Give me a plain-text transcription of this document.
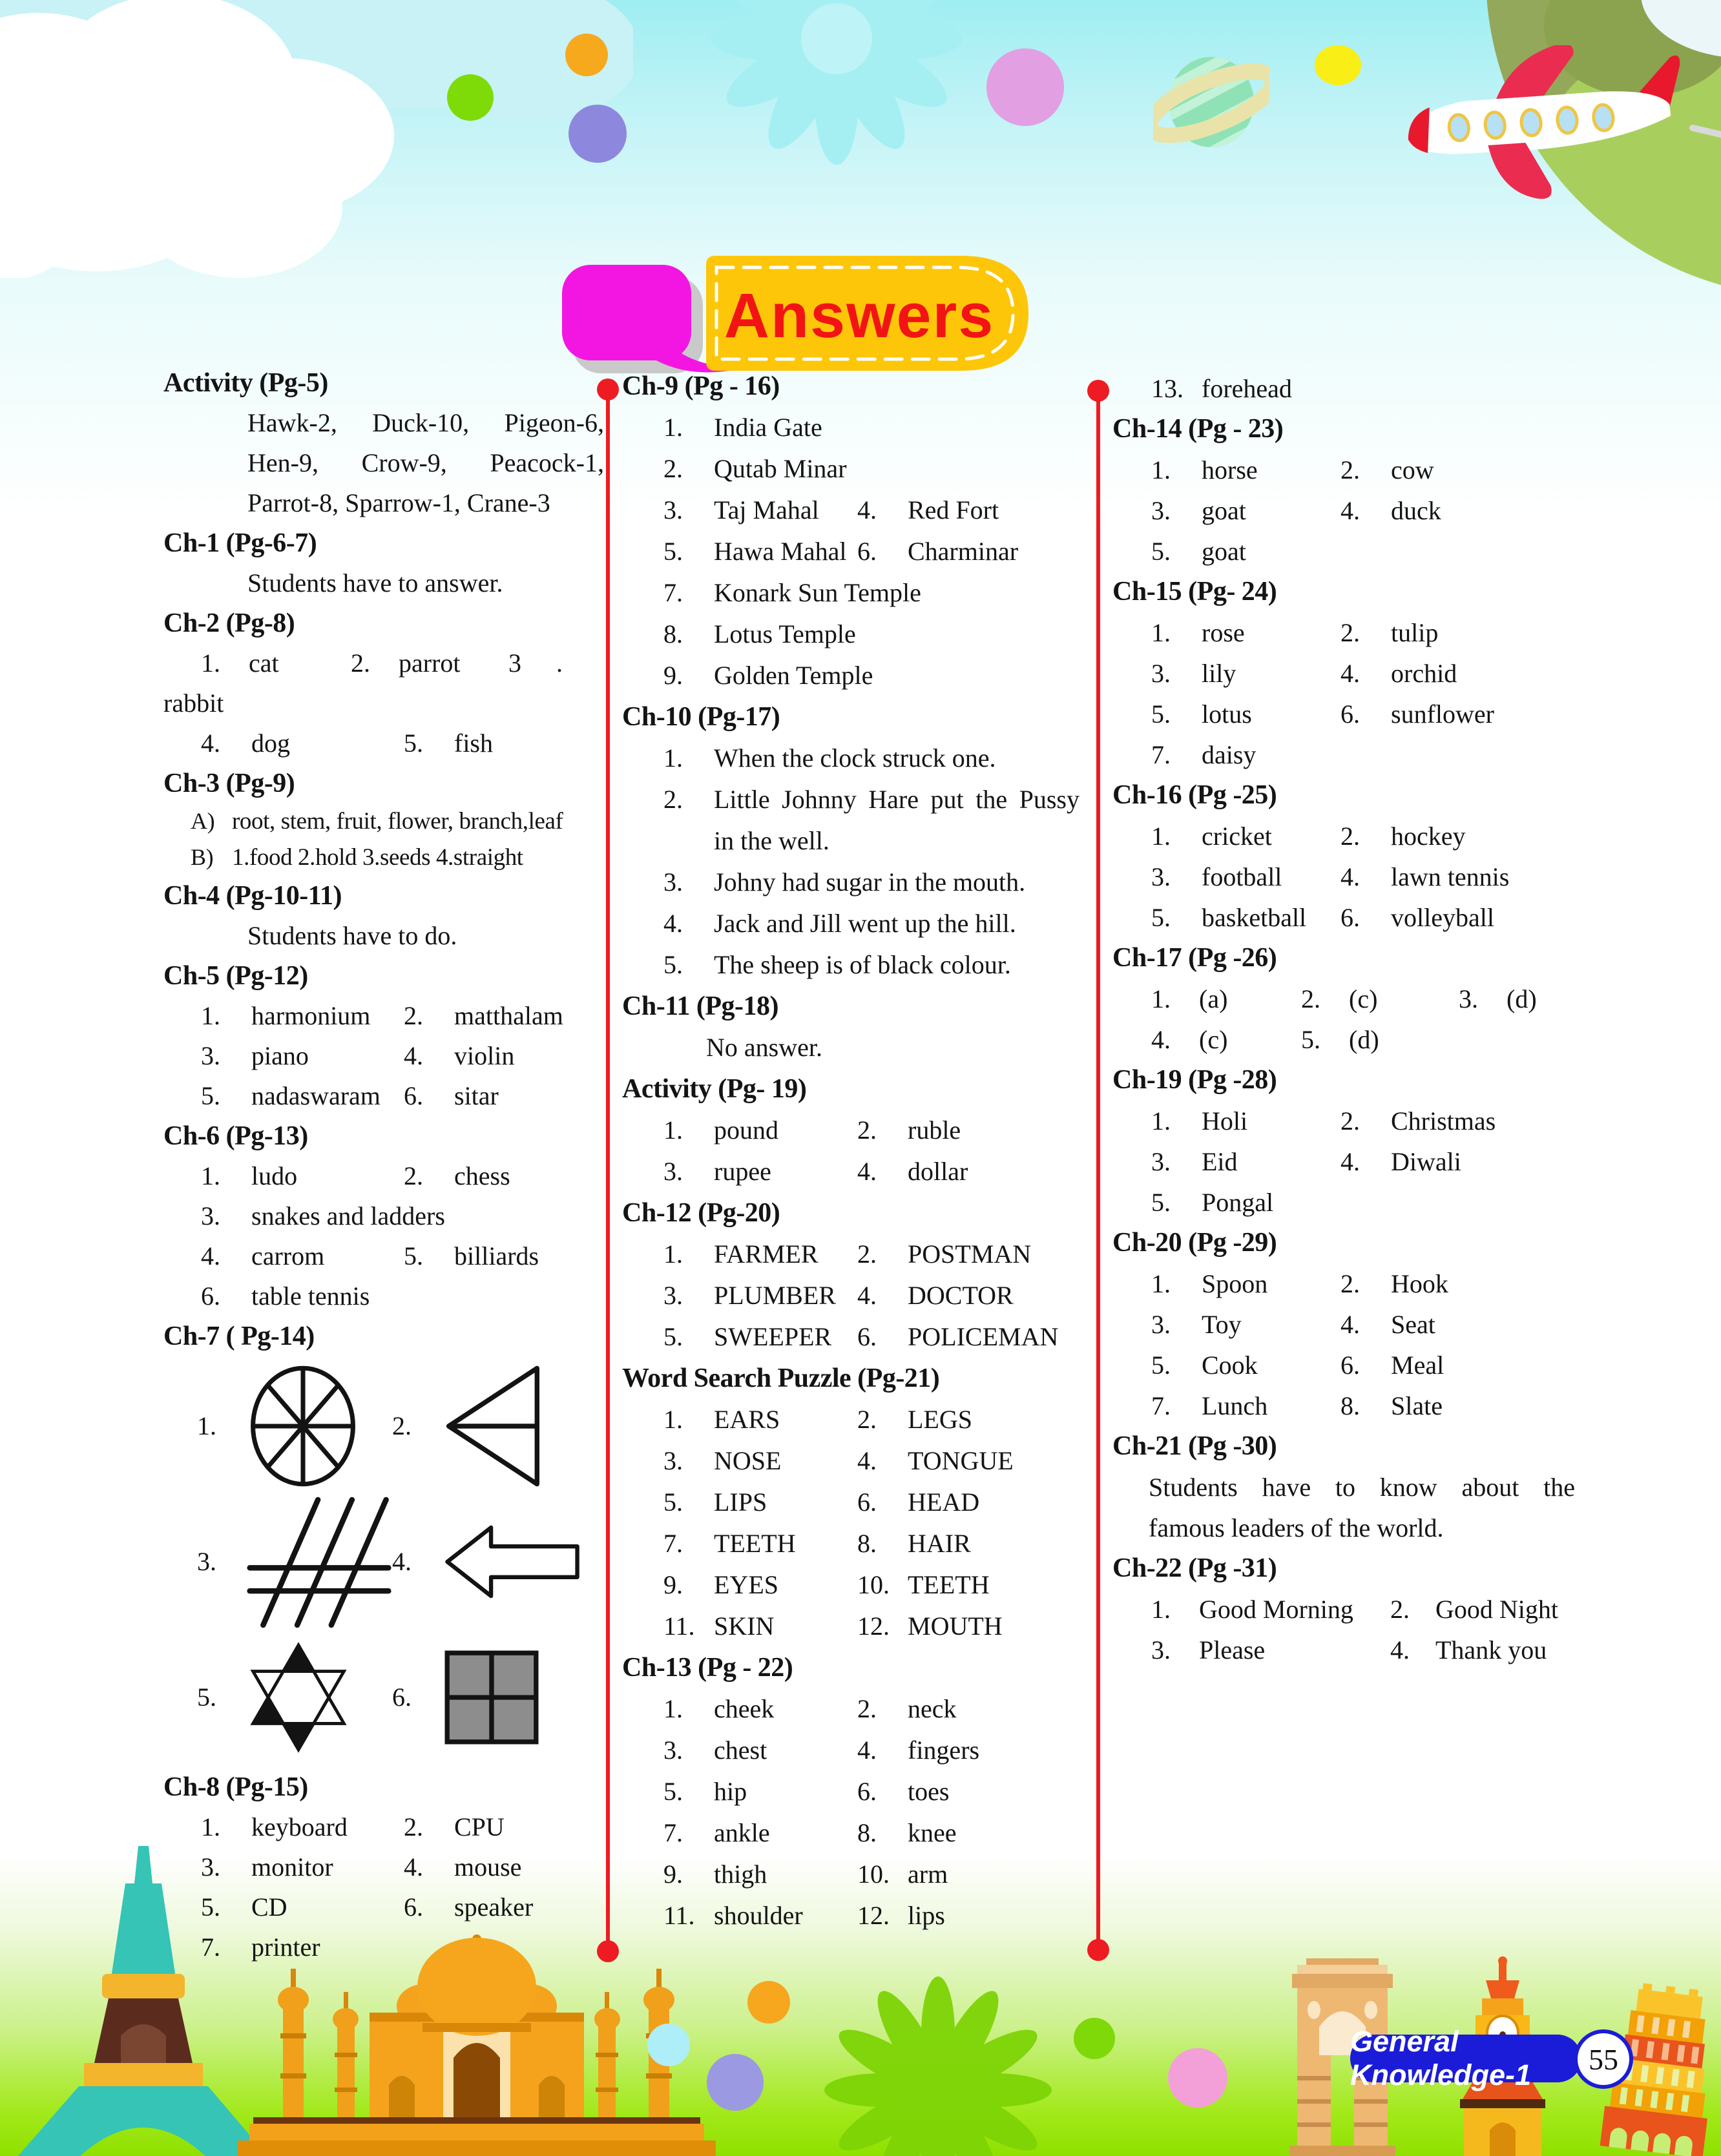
Answers
Activity (Pg-5)
Hawk-2, Duck-10, Pigeon-6,
Hen-9, Crow-9, Peacock-1,
Parrot-8, Sparrow-1, Crane-3
Ch-1 (Pg-6-7)
Students have to answer.
Ch-2 (Pg-8)
1.	cat	2.	parrot	3	.
rabbit
4.	dog	5.	fish
Ch-3 (Pg-9)
A) root, stem, fruit, flower, branch,leaf
B) 1.food 2.hold 3.seeds 4.straight
Ch-4 (Pg-10-11)
Students have to do.
Ch-5 (Pg-12)
1.	harmonium	2.	matthalam
3.	piano	4.	violin
5.	nadaswaram 6.	sitar
Ch-6 (Pg-13)
1.	ludo	2.	chess
3.	snakes and ladders
4.	carrom	5.	billiards
6.	table tennis
Ch-7 ( Pg-14)
1.	2.
3.	4.
5.	6.
Ch-8 (Pg-15)
1.	keyboard	2.	CPU
3.	monitor	4.	mouse
5.	CD	6.	speaker
7.	printer
Ch-9 (Pg - 16)
1.	India Gate
2.	Qutab Minar
3.	Taj Mahal	4.	Red Fort
5.	Hawa Mahal 6.	Charminar
7.	Konark Sun Temple
8.	Lotus Temple
9.	Golden Temple
Ch-10 (Pg-17)
1.	When the clock struck one.
2.	Little Johnny Hare put the Pussy
in the well.
3.	Johny had sugar in the mouth.
4.	Jack and Jill went up the hill.
5.	The sheep is of black colour.
Ch-11 (Pg-18)
No answer.
Activity (Pg- 19)
1.	pound	2.	ruble
3.	rupee	4.	dollar
Ch-12 (Pg-20)
1.	FARMER	2.	POSTMAN
3.	PLUMBER 4.	DOCTOR
5.	SWEEPER 6.	POLICEMAN
Word Search Puzzle (Pg-21)
1.	EARS	2.	LEGS
3.	NOSE	4.	TONGUE
5.	LIPS	6.	HEAD
7.	TEETH	8.	HAIR
9.	EYES	10. TEETH
11. SKIN	12. MOUTH
Ch-13 (Pg - 22)
1.	cheek	2.	neck
3.	chest	4.	fingers
5.	hip	6.	toes
7.	ankle	8.	knee
9.	thigh	10. arm
11. shoulder	12. lips
13. forehead
Ch-14 (Pg - 23)
1.	horse	2.	cow
3.	goat	4.	duck
5.	goat
Ch-15 (Pg- 24)
1.	rose	2.	tulip
3.	lily	4.	orchid
5.	lotus	6.	sunflower
7.	daisy
Ch-16 (Pg -25)
1.	cricket	2.	hockey
3.	football	4.	lawn tennis
5.	basketball	6.	volleyball
Ch-17 (Pg -26)
1.	(a)	2.	(c)	3.	(d)
4.	(c)	5.	(d)
Ch-19 (Pg -28)
1.	Holi	2.	Christmas
3.	Eid	4.	Diwali
5.	Pongal
Ch-20 (Pg -29)
1.	Spoon	2.	Hook
3.	Toy	4.	Seat
5.	Cook	6.	Meal
7.	Lunch	8.	Slate
Ch-21 (Pg -30)
Students have to know about the
famous leaders of the world.
Ch-22 (Pg -31)
1.	Good Morning	2.	Good Night
3.	Please	4.	Thank you
General Knowledge-1	55
